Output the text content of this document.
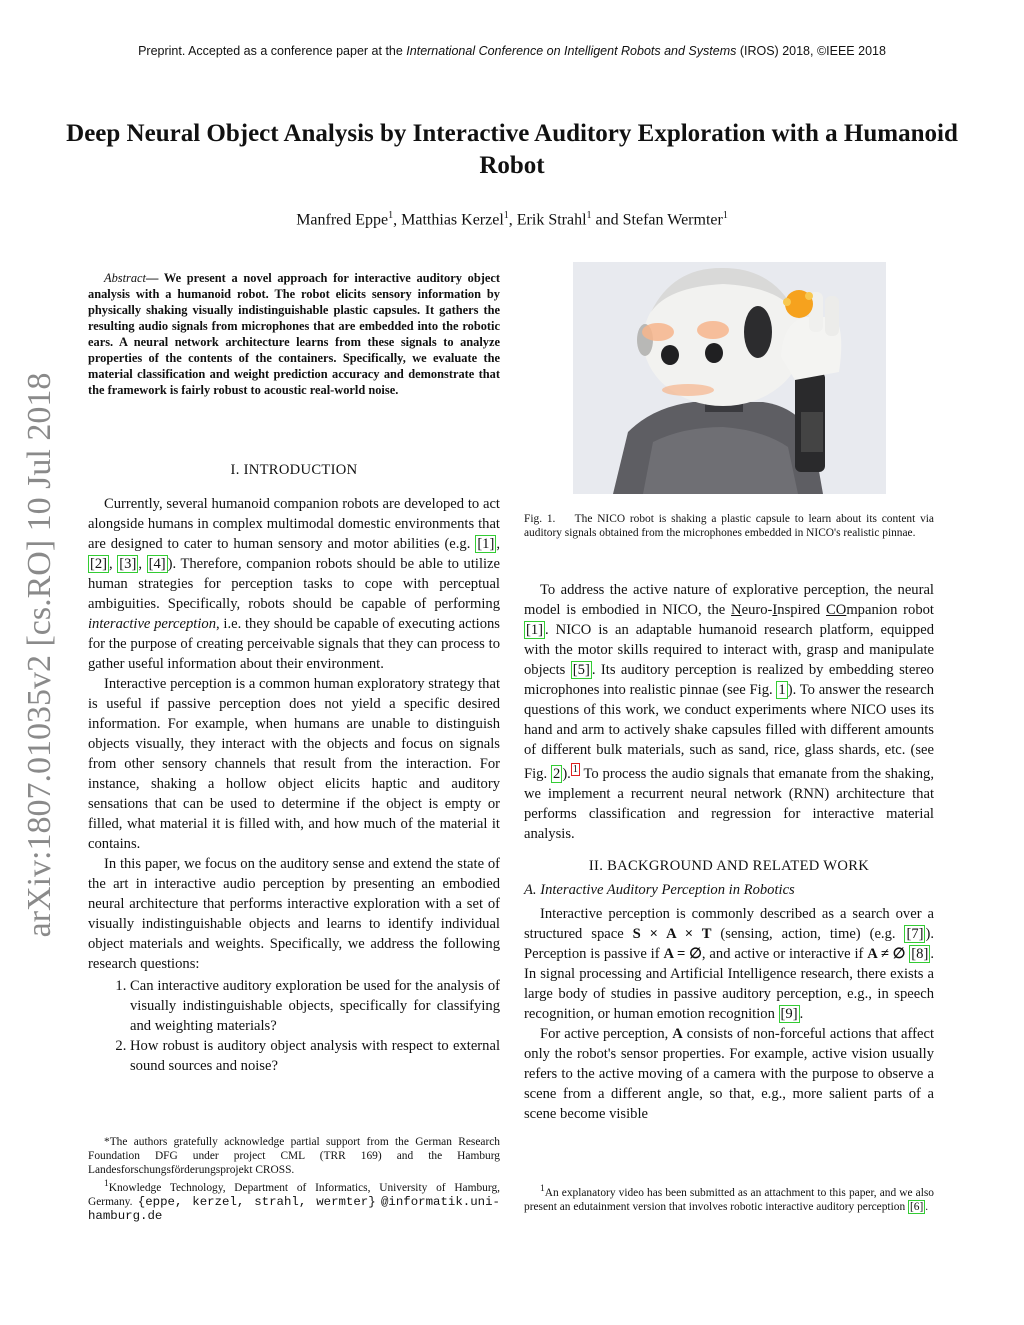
Preprint. Accepted as a conference paper at the International Conference on Intelligent Robots and Systems (IROS) 2018, ©IEEE 2018
Deep Neural Object Analysis by Interactive Auditory Exploration with a Humanoid Robot
Manfred Eppe$^1$, Matthias Kerzel$^1$, Erik Strahl$^1$ and Stefan Wermter$^1$
arXiv:1807.01035v2 [cs.RO] 10 Jul 2018

Abstract— We present a novel approach for interactive auditory object analysis with a humanoid robot. The robot elicits sensory information by physically shaking visually indistinguishable plastic capsules. It gathers the resulting audio signals from microphones that are embedded into the robotic ears. A neural network architecture learns from these signals to analyze properties of the contents of the containers. Specifically, we evaluate the material classification and weight prediction accuracy and demonstrate that the framework is fairly robust to acoustic real-world noise.

I. INTRODUCTION

Currently, several humanoid companion robots are developed to act alongside humans in complex multimodal domestic environments that are designed to cater to human sensory and motor abilities (e.g. [1] , [2] , [3] , [4] ). Therefore, companion robots should be able to utilize human strategies for perception tasks to cope with perceptual ambiguities. Specifically, robots should be capable of performing interactive perception, i.e. they should be capable of executing actions for the purpose of creating perceivable signals that they can process to gather useful information about their environment.

Interactive perception is a common human exploratory strategy that is useful if passive perception does not yield a specific desired information. For example, when humans are unable to distinguish objects visually, they interact with the objects and focus on signals from other sensory channels that result from the interaction. For instance, shaking a hollow object elicits haptic and auditory sensations that can be used to determine if the object is empty or filled, what material it is filled with, and how much of the material it contains.

In this paper, we focus on the auditory sense and extend the state of the art in interactive audio perception by presenting an embodied neural architecture that performs interactive exploration with a set of visually indistinguishable objects and learns to identify individual object materials and weights. Specifically, we address the following research questions:

1. Can interactive auditory exploration be used for the analysis of visually indistinguishable objects, specifically for classifying and weighting materials?
2. How robust is auditory object analysis with respect to external sound sources and noise?

*The authors gratefully acknowledge partial support from the German Research Foundation DFG under project CML (TRR 169) and the Hamburg Landesforschungsförderungsprojekt CROSS.

$^1$Knowledge Technology, Department of Informatics, University of Hamburg, Germany. {eppe, kerzel, strahl, wermter} @informatik.uni-hamburg.de

Fig. 1. The NICO robot is shaking a plastic capsule to learn about its content via auditory signals obtained from the microphones embedded in NICO's realistic pinnae.

To address the active nature of explorative perception, the neural model is embodied in NICO, the Neuro-Inspired COmpanion robot [1] . NICO is an adaptable humanoid research platform, equipped with the motor skills required to interact with, grasp and manipulate objects [5] . Its auditory perception is realized by embedding stereo microphones into realistic pinnae (see Fig. 1 ). To answer the research questions of this work, we conduct experiments where NICO uses its hand and arm to actively shake capsules filled with different amounts of different bulk materials, such as sand, rice, glass shards, etc. (see Fig. 2 ). $^1$ To process the audio signals that emanate from the shaking, we implement a recurrent neural network (RNN) architecture that performs classification and regression for interactive material analysis.

II. BACKGROUND AND RELATED WORK
A. Interactive Auditory Perception in Robotics

Interactive perception is commonly described as a search over a structured space S × A × T (sensing, action, time) (e.g. [7] ). Perception is passive if A = ∅, and active or interactive if A ≠ ∅ [8] . In signal processing and Artificial Intelligence research, there exists a large body of studies in passive auditory perception, e.g., in speech recognition, or human emotion recognition [9] .

For active perception, A consists of non-forceful actions that affect only the robot's sensor properties. For example, active vision usually refers to the active moving of a camera with the purpose to observe a scene from a different angle, so that, e.g., more salient parts of a scene become visible

$^1$An explanatory video has been submitted as an attachment to this paper, and we also present an edutainment version that involves robotic interactive auditory perception [6] .
